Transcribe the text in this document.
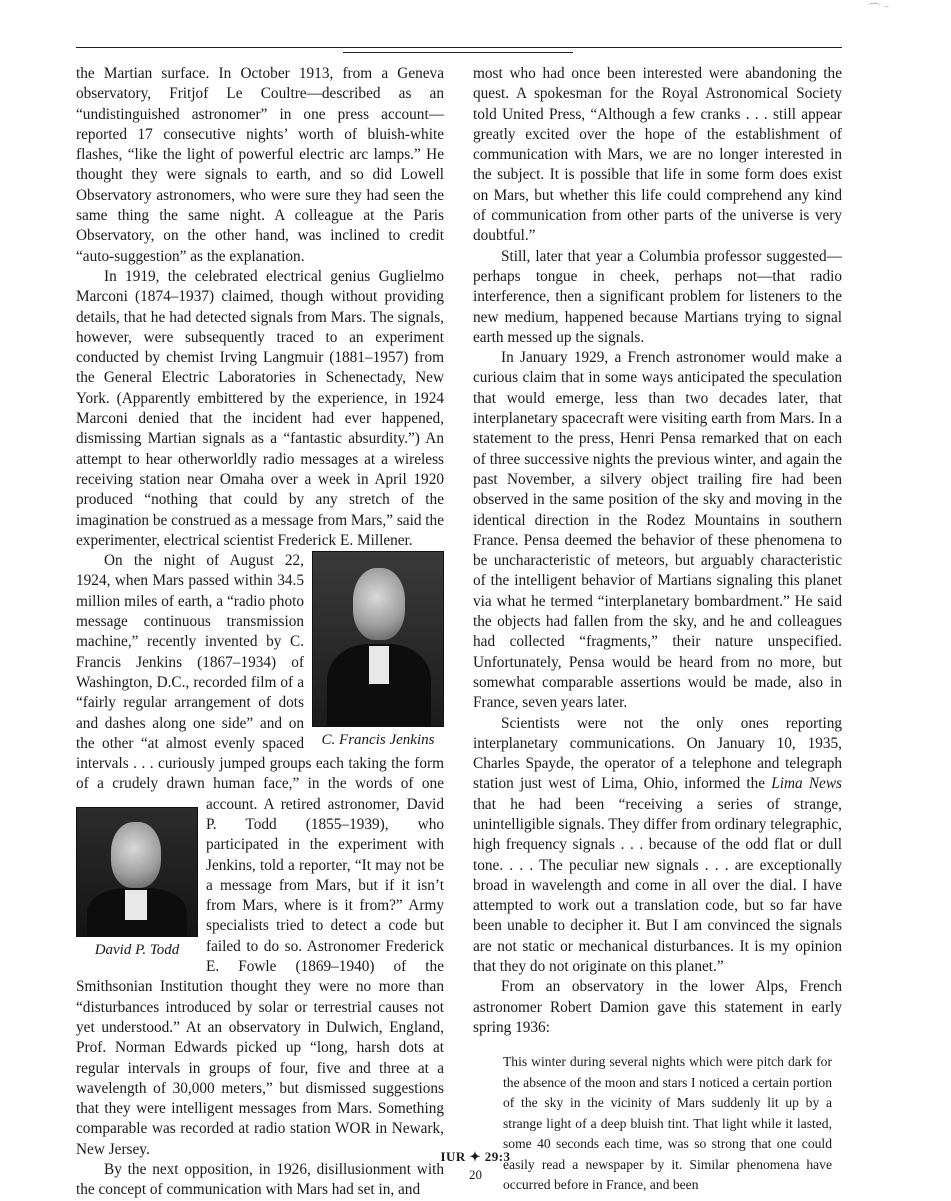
⌒ ⁻

the Martian surface. In October 1913, from a Geneva observatory, Fritjof Le Coultre—described as an “undistinguished astronomer” in one press account—reported 17 consecutive nights’ worth of bluish-white flashes, “like the light of powerful electric arc lamps.” He thought they were signals to earth, and so did Lowell Observatory astronomers, who were sure they had seen the same thing the same night. A colleague at the Paris Observatory, on the other hand, was inclined to credit “auto-suggestion” as the explanation.

In 1919, the celebrated electrical genius Guglielmo Marconi (1874–1937) claimed, though without providing details, that he had detected signals from Mars. The signals, however, were subsequently traced to an experiment conducted by chemist Irving Langmuir (1881–1957) from the General Electric Laboratories in Schenectady, New York. (Apparently embittered by the experience, in 1924 Marconi denied that the incident had ever happened, dismissing Martian signals as a “fantastic absurdity.”) An attempt to hear otherworldly radio messages at a wireless receiving station near Omaha over a week in April 1920 produced “nothing that could by any stretch of the imagination be construed as a message from Mars,” said the experimenter, electrical scientist Frederick E. Millener.

C. Francis Jenkins

On the night of August 22, 1924, when Mars passed within 34.5 million miles of earth, a “radio photo message continuous transmission machine,” recently invented by C. Francis Jenkins (1867–1934) of Washington, D.C., recorded film of a “fairly regular arrangement of dots and dashes along one side” and on the other “at almost evenly spaced intervals . . . curiously jumped groups each taking the form of a crudely drawn human face,” in the words of one account. A retired astronomer, David P. Todd (1855–1939), who participated in the experiment with Jenkins, told a reporter, “It may not be a message from Mars, but if it isn’t from Mars, where is it from?” Army specialists tried to detect a code but failed to do so. Astronomer Frederick E. Fowle (1869–1940) of the Smithsonian Institution thought they were no more than “disturbances introduced by solar or terrestrial causes not yet understood.” At an observatory in Dulwich, England, Prof. Norman Edwards picked up “long, harsh dots at regular intervals in groups of four, five and three at a wavelength of 30,000 meters,” but dismissed suggestions that they were intelligent messages from Mars. Something comparable was recorded at radio station WOR in Newark, New Jersey.

By the next opposition, in 1926, disillusionment with the concept of communication with Mars had set in, and

David P. Todd

most who had once been interested were abandoning the quest. A spokesman for the Royal Astronomical Society told United Press, “Although a few cranks . . . still appear greatly excited over the hope of the establishment of communication with Mars, we are no longer interested in the subject. It is possible that life in some form does exist on Mars, but whether this life could comprehend any kind of communication from other parts of the universe is very doubtful.”

Still, later that year a Columbia professor suggested—perhaps tongue in cheek, perhaps not—that radio interference, then a significant problem for listeners to the new medium, happened because Martians trying to signal earth messed up the signals.

In January 1929, a French astronomer would make a curious claim that in some ways anticipated the speculation that would emerge, less than two decades later, that interplanetary spacecraft were visiting earth from Mars. In a statement to the press, Henri Pensa remarked that on each of three successive nights the previous winter, and again the past November, a silvery object trailing fire had been observed in the same position of the sky and moving in the identical direction in the Rodez Mountains in southern France. Pensa deemed the behavior of these phenomena to be uncharacteristic of meteors, but arguably characteristic of the intelligent behavior of Martians signaling this planet via what he termed “interplanetary bombardment.” He said the objects had fallen from the sky, and he and colleagues had collected “fragments,” their nature unspecified. Unfortunately, Pensa would be heard from no more, but somewhat comparable assertions would be made, also in France, seven years later.

Scientists were not the only ones reporting interplanetary communications. On January 10, 1935, Charles Spayde, the operator of a telephone and telegraph station just west of Lima, Ohio, informed the Lima News that he had been “receiving a series of strange, unintelligible signals. They differ from ordinary telegraphic, high frequency signals . . . because of the odd flat or dull tone. . . . The peculiar new signals . . . are exceptionally broad in wavelength and come in all over the dial. I have attempted to work out a translation code, but so far have been unable to decipher it. But I am convinced the signals are not static or mechanical disturbances. It is my opinion that they do not originate on this planet.”

From an observatory in the lower Alps, French astronomer Robert Damion gave this statement in early spring 1936:

This winter during several nights which were pitch dark for the absence of the moon and stars I noticed a certain portion of the sky in the vicinity of Mars suddenly lit up by a strange light of a deep bluish tint. That light while it lasted, some 40 seconds each time, was so strong that one could easily read a newspaper by it. Similar phenomena have occurred before in France, and been
IUR ✦ 29:3
20
